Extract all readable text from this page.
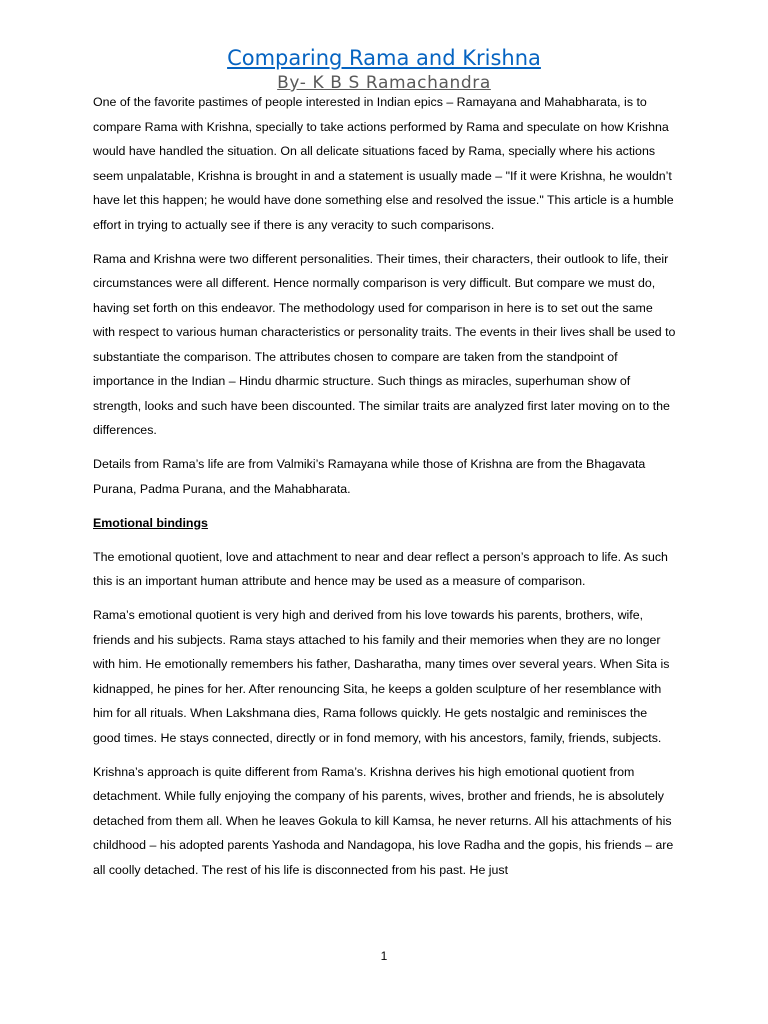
Comparing Rama and Krishna
By- K B S Ramachandra

One of the favorite pastimes of people interested in Indian epics – Ramayana and Mahabharata, is to compare Rama with Krishna, specially to take actions performed by Rama and speculate on how Krishna would have handled the situation. On all delicate situations faced by Rama, specially where his actions seem unpalatable, Krishna is brought in and a statement is usually made – "If it were Krishna, he wouldn’t have let this happen; he would have done something else and resolved the issue." This article is a humble effort in trying to actually see if there is any veracity to such comparisons.

Rama and Krishna were two different personalities. Their times, their characters, their outlook to life, their circumstances were all different. Hence normally comparison is very difficult. But compare we must do, having set forth on this endeavor. The methodology used for comparison in here is to set out the same with respect to various human characteristics or personality traits. The events in their lives shall be used to substantiate the comparison. The attributes chosen to compare are taken from the standpoint of importance in the Indian – Hindu dharmic structure. Such things as miracles, superhuman show of strength, looks and such have been discounted. The similar traits are analyzed first later moving on to the differences.

Details from Rama’s life are from Valmiki’s Ramayana while those of Krishna are from the Bhagavata Purana, Padma Purana, and the Mahabharata.

Emotional bindings

The emotional quotient, love and attachment to near and dear reflect a person’s approach to life. As such this is an important human attribute and hence may be used as a measure of comparison.

Rama’s emotional quotient is very high and derived from his love towards his parents, brothers, wife, friends and his subjects. Rama stays attached to his family and their memories when they are no longer with him. He emotionally remembers his father, Dasharatha, many times over several years. When Sita is kidnapped, he pines for her. After renouncing Sita, he keeps a golden sculpture of her resemblance with him for all rituals. When Lakshmana dies, Rama follows quickly. He gets nostalgic and reminisces the good times. He stays connected, directly or in fond memory, with his ancestors, family, friends, subjects.

Krishna’s approach is quite different from Rama’s. Krishna derives his high emotional quotient from detachment. While fully enjoying the company of his parents, wives, brother and friends, he is absolutely detached from them all. When he leaves Gokula to kill Kamsa, he never returns. All his attachments of his childhood – his adopted parents Yashoda and Nandagopa, his love Radha and the gopis, his friends – are all coolly detached. The rest of his life is disconnected from his past. He just

1
